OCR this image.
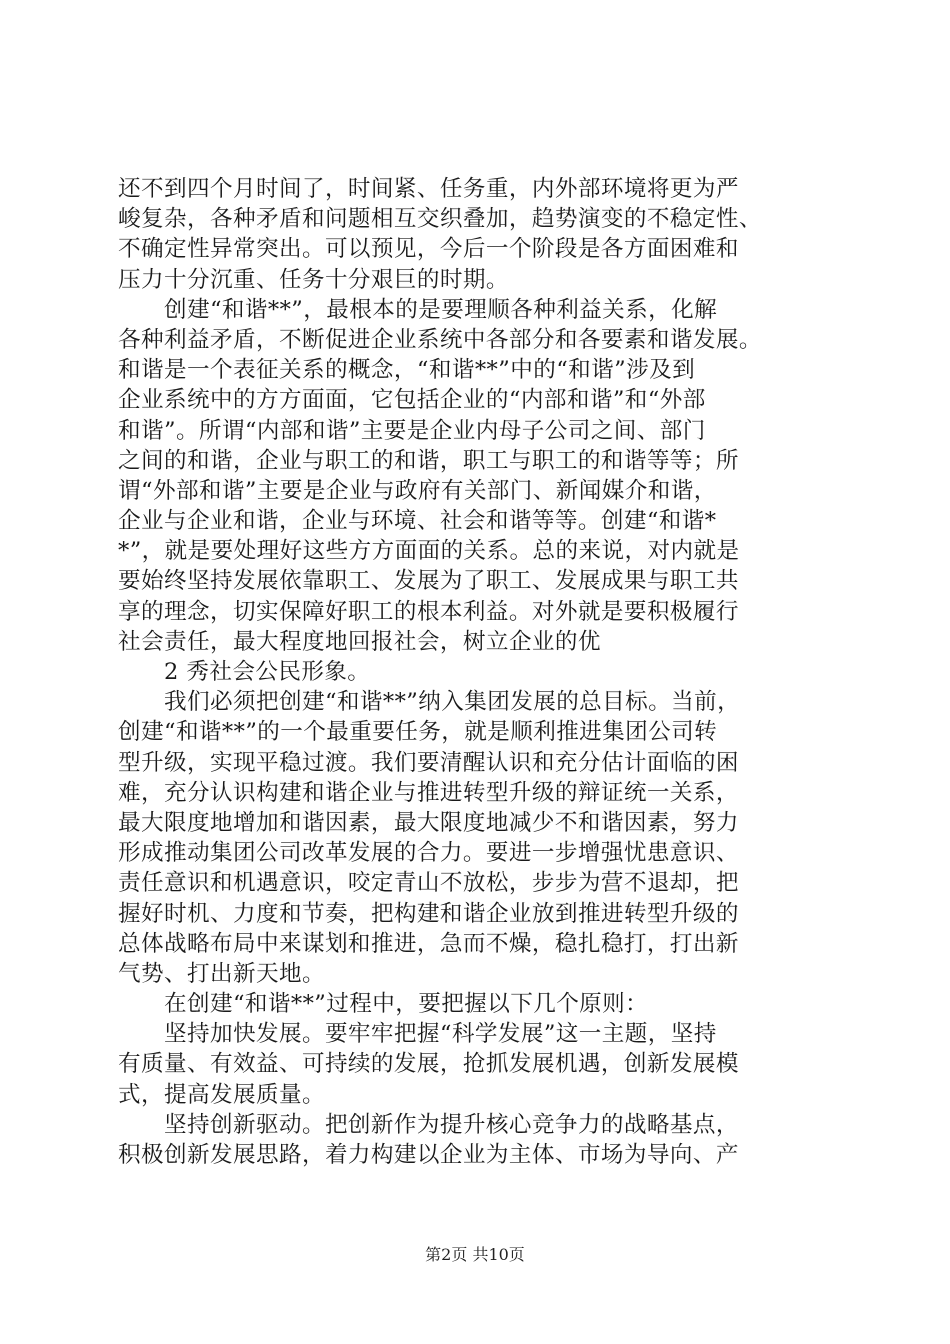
还不到四个月时间了，时间紧、任务重，内外部环境将更为严
峻复杂，各种矛盾和问题相互交织叠加，趋势演变的不稳定性、
不确定性异常突出。可以预见，今后一个阶段是各方面困难和
压力十分沉重、任务十分艰巨的时期。
　　创建“和谐**”，最根本的是要理顺各种利益关系，化解
各种利益矛盾，不断促进企业系统中各部分和各要素和谐发展。
和谐是一个表征关系的概念，“和谐**”中的“和谐”涉及到
企业系统中的方方面面，它包括企业的“内部和谐”和“外部
和谐”。所谓“内部和谐”主要是企业内母子公司之间、部门
之间的和谐，企业与职工的和谐，职工与职工的和谐等等；所
谓“外部和谐”主要是企业与政府有关部门、新闻媒介和谐，
企业与企业和谐，企业与环境、社会和谐等等。创建“和谐*
*”，就是要处理好这些方方面面的关系。总的来说，对内就是
要始终坚持发展依靠职工、发展为了职工、发展成果与职工共
享的理念，切实保障好职工的根本利益。对外就是要积极履行
社会责任，最大程度地回报社会，树立企业的优
　　2 秀社会公民形象。
　　我们必须把创建“和谐**”纳入集团发展的总目标。当前，
创建“和谐**”的一个最重要任务，就是顺利推进集团公司转
型升级，实现平稳过渡。我们要清醒认识和充分估计面临的困
难，充分认识构建和谐企业与推进转型升级的辩证统一关系，
最大限度地增加和谐因素，最大限度地减少不和谐因素，努力
形成推动集团公司改革发展的合力。要进一步增强忧患意识、
责任意识和机遇意识，咬定青山不放松，步步为营不退却，把
握好时机、力度和节奏，把构建和谐企业放到推进转型升级的
总体战略布局中来谋划和推进，急而不燥，稳扎稳打，打出新
气势、打出新天地。
　　在创建“和谐**”过程中，要把握以下几个原则：
　　坚持加快发展。要牢牢把握“科学发展”这一主题，坚持
有质量、有效益、可持续的发展，抢抓发展机遇，创新发展模
式，提高发展质量。
　　坚持创新驱动。把创新作为提升核心竞争力的战略基点，
积极创新发展思路，着力构建以企业为主体、市场为导向、产
第2页 共10页
